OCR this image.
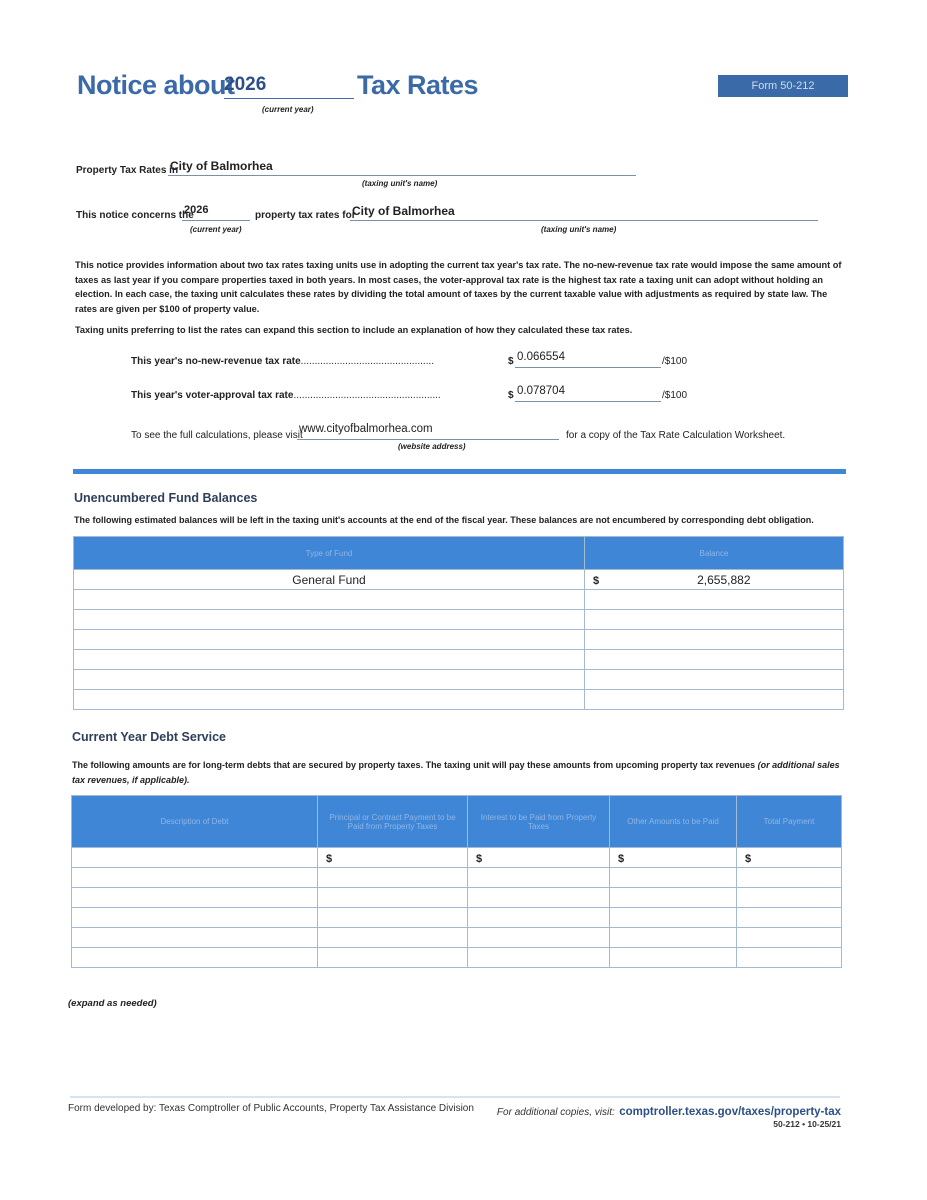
Notice about
2026
(current year)
Tax Rates	Form 50-212
Property Tax Rates in
City of Balmorhea
(taxing unit's name)
This notice concerns the
2026
(current year)
property tax rates for
City of Balmorhea
(taxing unit's name)
This notice provides information about two tax rates taxing units use in adopting the current tax year's tax rate. The no-new-revenue tax rate would impose the same amount of taxes as last year if you compare properties taxed in both years. In most cases, the voter-approval tax rate is the highest tax rate a taxing unit can adopt without holding an election. In each case, the taxing unit calculates these rates by dividing the total amount of taxes by the current taxable value with adjustments as required by state law. The rates are given per $100 of property value.
Taxing units preferring to list the rates can expand this section to include an explanation of how they calculated these tax rates.
This year's no-new-revenue tax rate................................................	$ 0.066554	/$100
This year's voter-approval tax rate.....................................................	$ 0.078704	/$100
To see the full calculations, please visit
www.cityofbalmorhea.com
(website address)
for a copy of the Tax Rate Calculation Worksheet.
Unencumbered Fund Balances
The following estimated balances will be left in the taxing unit's accounts at the end of the fiscal year. These balances are not encumbered by corresponding debt obligation.
Type of Fund	Balance
General Fund	$ 2,655,882

Current Year Debt Service
The following amounts are for long-term debts that are secured by property taxes. The taxing unit will pay these amounts from upcoming property tax revenues (or additional sales tax revenues, if applicable).
Description of Debt	Principal or Contract Payment to be Paid from Property Taxes	Interest to be Paid from Property Taxes	Other Amounts to be Paid	Total Payment
	$	$	$	$

(expand as needed)
Form developed by: Texas Comptroller of Public Accounts, Property Tax Assistance Division For additional copies, visit: comptroller.texas.gov/taxes/property-tax
50-212 • 10-25/21
